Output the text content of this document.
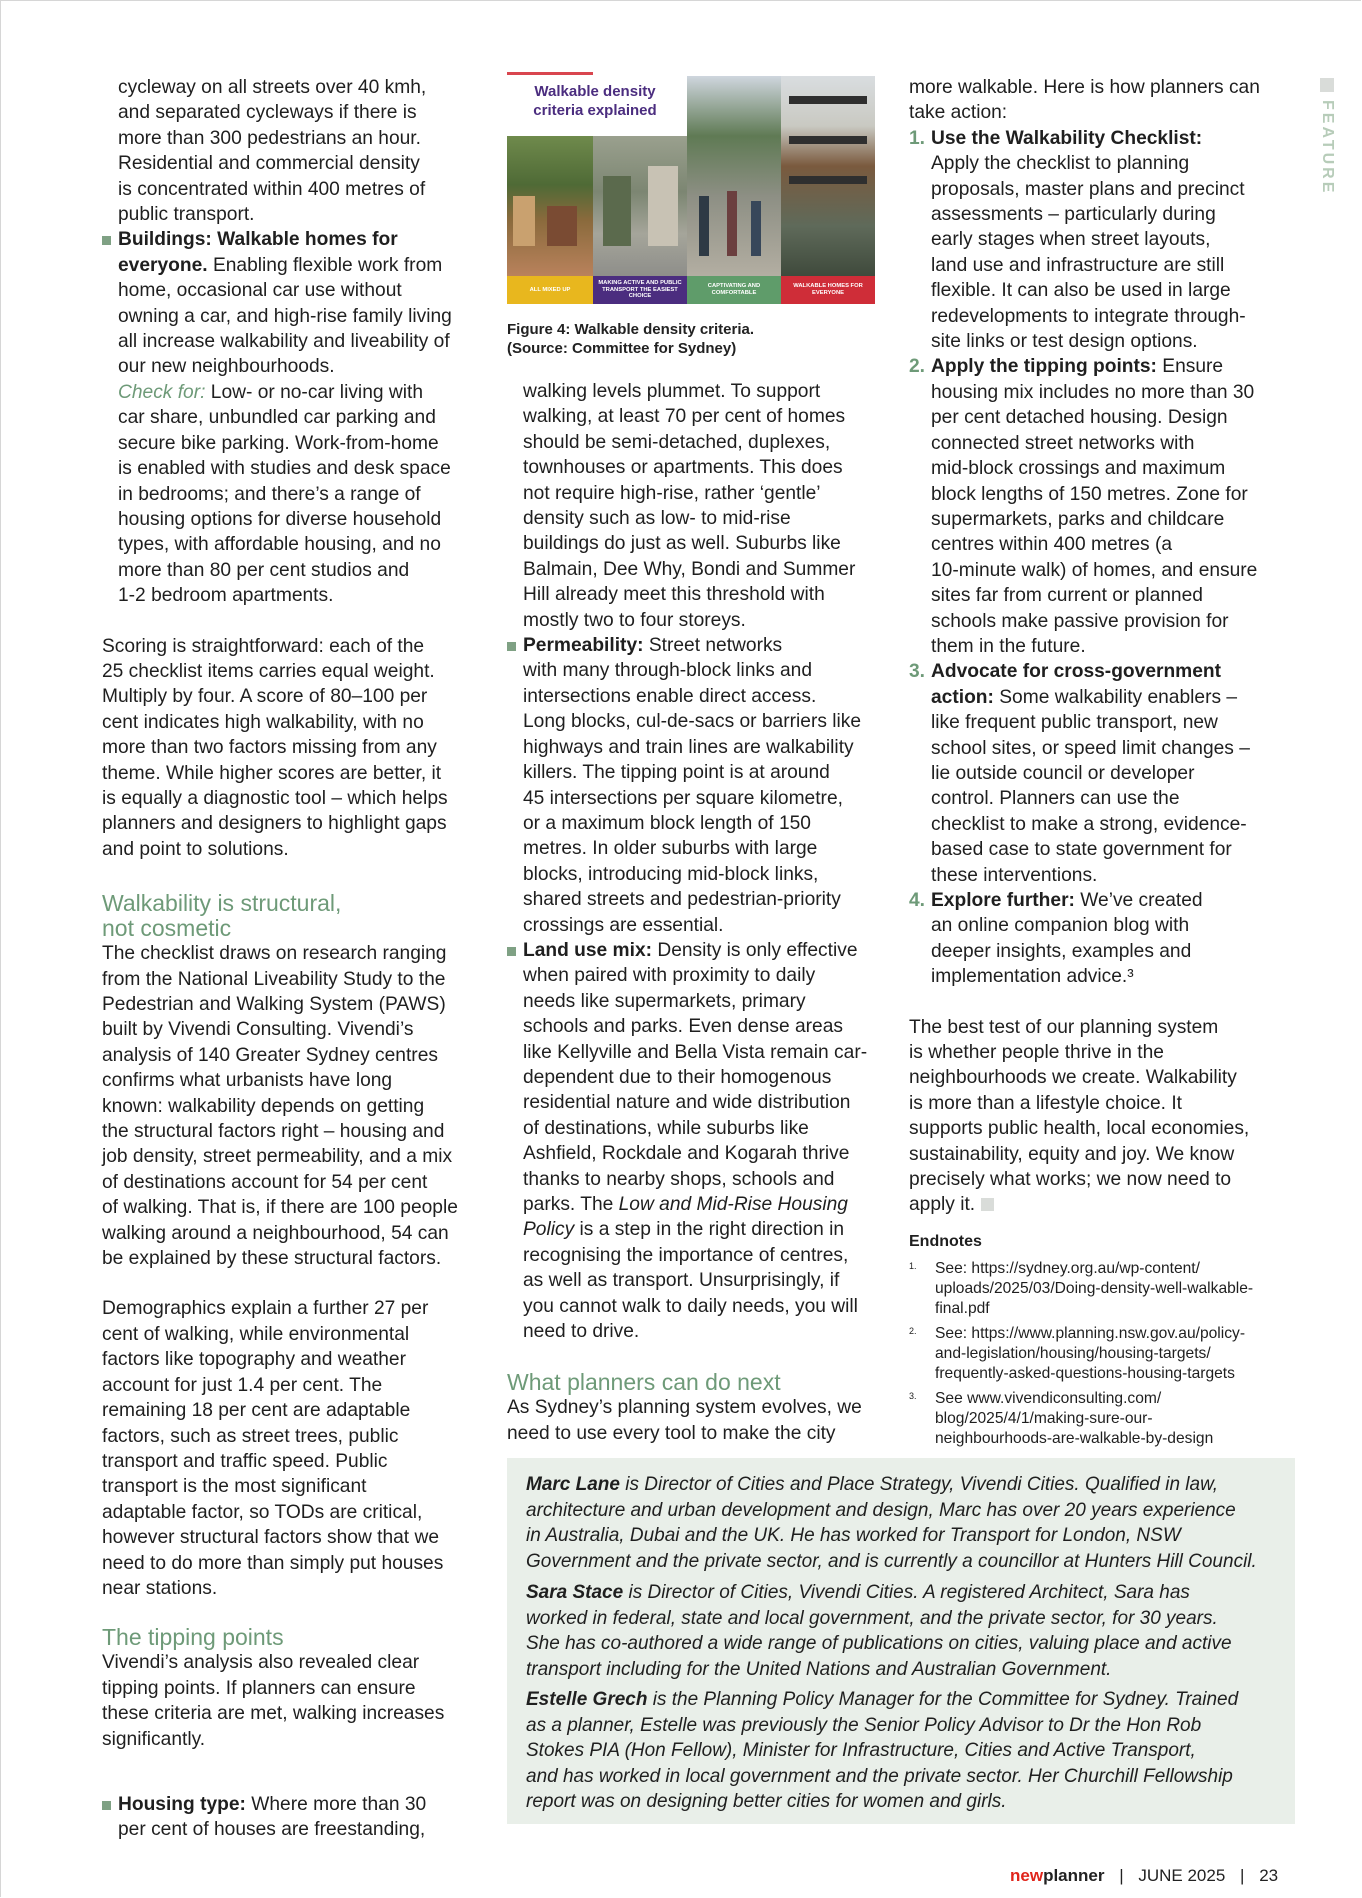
cycleway on all streets over 40 kmh,

and separated cycleways if there is

more than 300 pedestrians an hour.

Residential and commercial density

is concentrated within 400 metres of

public transport.

Buildings: Walkable homes for

everyone. Enabling flexible work from

home, occasional car use without

owning a car, and high-rise family living

all increase walkability and liveability of

our new neighbourhoods.

Check for: Low- or no-car living with

car share, unbundled car parking and

secure bike parking. Work-from-home

is enabled with studies and desk space

in bedrooms; and there’s a range of

housing options for diverse household

types, with affordable housing, and no

more than 80 per cent studios and

1-2 bedroom apartments.

Scoring is straightforward: each of the

25 checklist items carries equal weight.

Multiply by four. A score of 80–100 per

cent indicates high walkability, with no

more than two factors missing from any

theme. While higher scores are better, it

is equally a diagnostic tool – which helps

planners and designers to highlight gaps

and point to solutions.

Walkability is structural,
not cosmetic

The checklist draws on research ranging

from the National Liveability Study to the

Pedestrian and Walking System (PAWS)

built by Vivendi Consulting. Vivendi’s

analysis of 140 Greater Sydney centres

confirms what urbanists have long

known: walkability depends on getting

the structural factors right – housing and

job density, street permeability, and a mix

of destinations account for 54 per cent

of walking. That is, if there are 100 people

walking around a neighbourhood, 54 can

be explained by these structural factors.

Demographics explain a further 27 per

cent of walking, while environmental

factors like topography and weather

account for just 1.4 per cent. The

remaining 18 per cent are adaptable

factors, such as street trees, public

transport and traffic speed. Public

transport is the most significant

adaptable factor, so TODs are critical,

however structural factors show that we

need to do more than simply put houses

near stations.

The tipping points

Vivendi’s analysis also revealed clear

tipping points. If planners can ensure

these criteria are met, walking increases

significantly.

Housing type: Where more than 30

per cent of houses are freestanding,

Walkable density
criteria explained
ALL MIXED UP
MAKING ACTIVE AND PUBLIC TRANSPORT THE EASIEST CHOICE
CAPTIVATING AND COMFORTABLE
WALKABLE HOMES FOR EVERYONE
Figure 4: Walkable density criteria.
(Source: Committee for Sydney)

walking levels plummet. To support

walking, at least 70 per cent of homes

should be semi-detached, duplexes,

townhouses or apartments. This does

not require high-rise, rather ‘gentle’

density such as low- to mid-rise

buildings do just as well. Suburbs like

Balmain, Dee Why, Bondi and Summer

Hill already meet this threshold with

mostly two to four storeys.

Permeability: Street networks

with many through-block links and

intersections enable direct access.

Long blocks, cul-de-sacs or barriers like

highways and train lines are walkability

killers. The tipping point is at around

45 intersections per square kilometre,

or a maximum block length of 150

metres. In older suburbs with large

blocks, introducing mid-block links,

shared streets and pedestrian-priority

crossings are essential.

Land use mix: Density is only effective

when paired with proximity to daily

needs like supermarkets, primary

schools and parks. Even dense areas

like Kellyville and Bella Vista remain car-

dependent due to their homogenous

residential nature and wide distribution

of destinations, while suburbs like

Ashfield, Rockdale and Kogarah thrive

thanks to nearby shops, schools and

parks. The Low and Mid-Rise Housing

Policy is a step in the right direction in

recognising the importance of centres,

as well as transport. Unsurprisingly, if

you cannot walk to daily needs, you will

need to drive.

What planners can do next

As Sydney’s planning system evolves, we

need to use every tool to make the city

more walkable. Here is how planners can

take action:

1. Use the Walkability Checklist:

Apply the checklist to planning

proposals, master plans and precinct

assessments – particularly during

early stages when street layouts,

land use and infrastructure are still

flexible. It can also be used in large

redevelopments to integrate through-

site links or test design options.

2. Apply the tipping points: Ensure

housing mix includes no more than 30

per cent detached housing. Design

connected street networks with

mid-block crossings and maximum

block lengths of 150 metres. Zone for

supermarkets, parks and childcare

centres within 400 metres (a

10-minute walk) of homes, and ensure

sites far from current or planned

schools make passive provision for

them in the future.

3. Advocate for cross-government

action: Some walkability enablers –

like frequent public transport, new

school sites, or speed limit changes –

lie outside council or developer

control. Planners can use the

checklist to make a strong, evidence-

based case to state government for

these interventions.

4. Explore further: We’ve created

an online companion blog with

deeper insights, examples and

implementation advice.³

The best test of our planning system

is whether people thrive in the

neighbourhoods we create. Walkability

is more than a lifestyle choice. It

supports public health, local economies,

sustainability, equity and joy. We know

precisely what works; we now need to

apply it.

Endnotes
1. See: https://sydney.org.au/wp-content/
uploads/2025/03/Doing-density-well-walkable-
final.pdf
2. See: https://www.planning.nsw.gov.au/policy-
and-legislation/housing/housing-targets/
frequently-asked-questions-housing-targets
3. See www.vivendiconsulting.com/
blog/2025/4/1/making-sure-our-
neighbourhoods-are-walkable-by-design
Marc Lane is Director of Cities and Place Strategy, Vivendi Cities. Qualified in law,
architecture and urban development and design, Marc has over 20 years experience
in Australia, Dubai and the UK. He has worked for Transport for London, NSW
Government and the private sector, and is currently a councillor at Hunters Hill Council.
Sara Stace is Director of Cities, Vivendi Cities. A registered Architect, Sara has
worked in federal, state and local government, and the private sector, for 30 years.
She has co-authored a wide range of publications on cities, valuing place and active
transport including for the United Nations and Australian Government.
Estelle Grech is the Planning Policy Manager for the Committee for Sydney. Trained
as a planner, Estelle was previously the Senior Policy Advisor to Dr the Hon Rob
Stokes PIA (Hon Fellow), Minister for Infrastructure, Cities and Active Transport,
and has worked in local government and the private sector. Her Churchill Fellowship
report was on designing better cities for women and girls.
FEATURE
newplanner | JUNE 2025 | 23
